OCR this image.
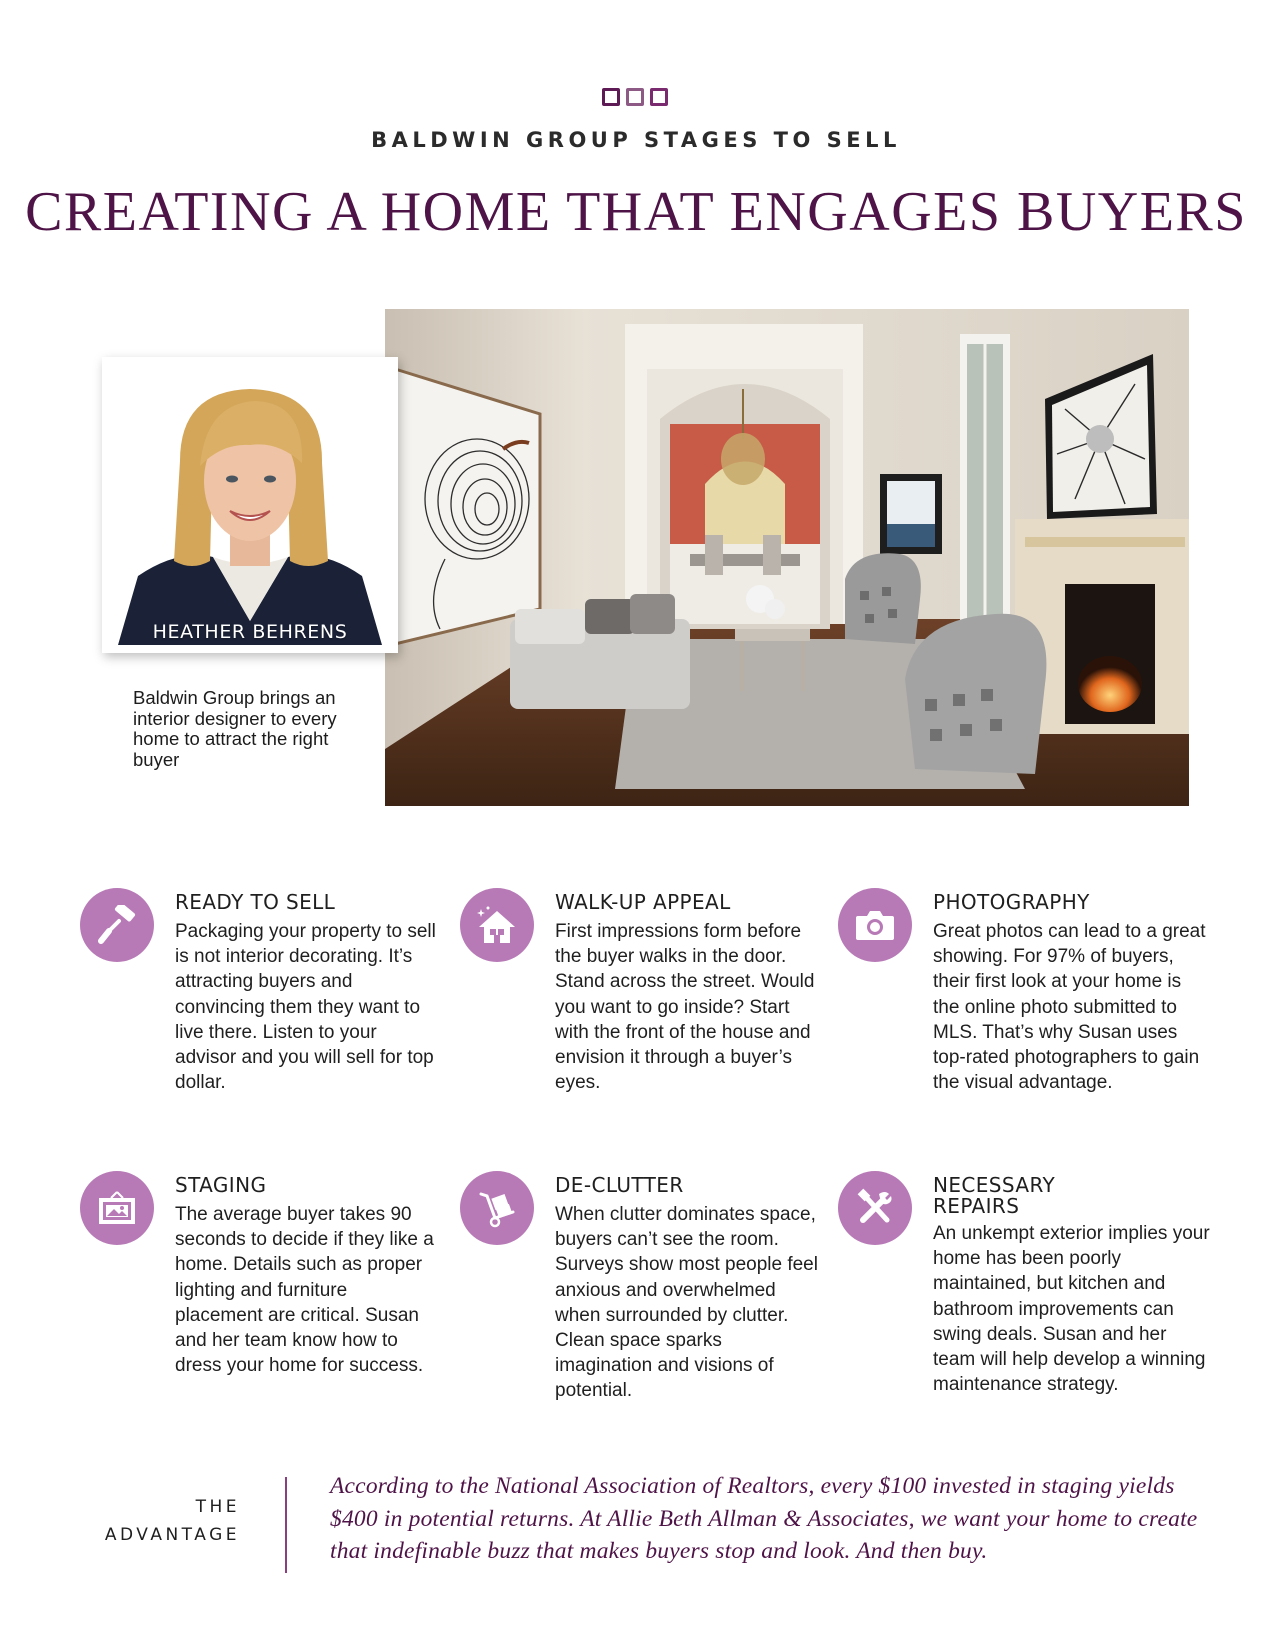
BALDWIN GROUP STAGES TO SELL
CREATING A HOME THAT ENGAGES BUYERS
HEATHER BEHRENS
Baldwin Group brings an interior designer to every home to attract the right buyer
READY TO SELL

Packaging your property to sell is not interior decorating. It’s attracting buyers and convincing them they want to live there. Listen to your advisor and you will sell for top dollar.

WALK-UP APPEAL

First impressions form before the buyer walks in the door. Stand across the street. Would you want to go inside? Start with the front of the house and envision it through a buyer’s eyes.

PHOTOGRAPHY

Great photos can lead to a great showing. For 97% of buyers, their first look at your home is the online photo submitted to MLS. That’s why Susan uses top-rated photographers to gain the visual advantage.

STAGING

The average buyer takes 90 seconds to decide if they like a home. Details such as proper lighting and furniture placement are critical. Susan and her team know how to dress your home for success.

DE-CLUTTER

When clutter dominates space, buyers can’t see the room. Surveys show most people feel anxious and overwhelmed when surrounded by clutter. Clean space sparks imagination and visions of potential.

NECESSARY REPAIRS

An unkempt exterior implies your home has been poorly maintained, but kitchen and bathroom improvements can swing deals. Susan and her team will help develop a winning maintenance strategy.

THE
ADVANTAGE
According to the National Association of Realtors, every $100 invested in staging yields $400 in potential returns. At Allie Beth Allman & Associates, we want your home to create that indefinable buzz that makes buyers stop and look. And then buy.
